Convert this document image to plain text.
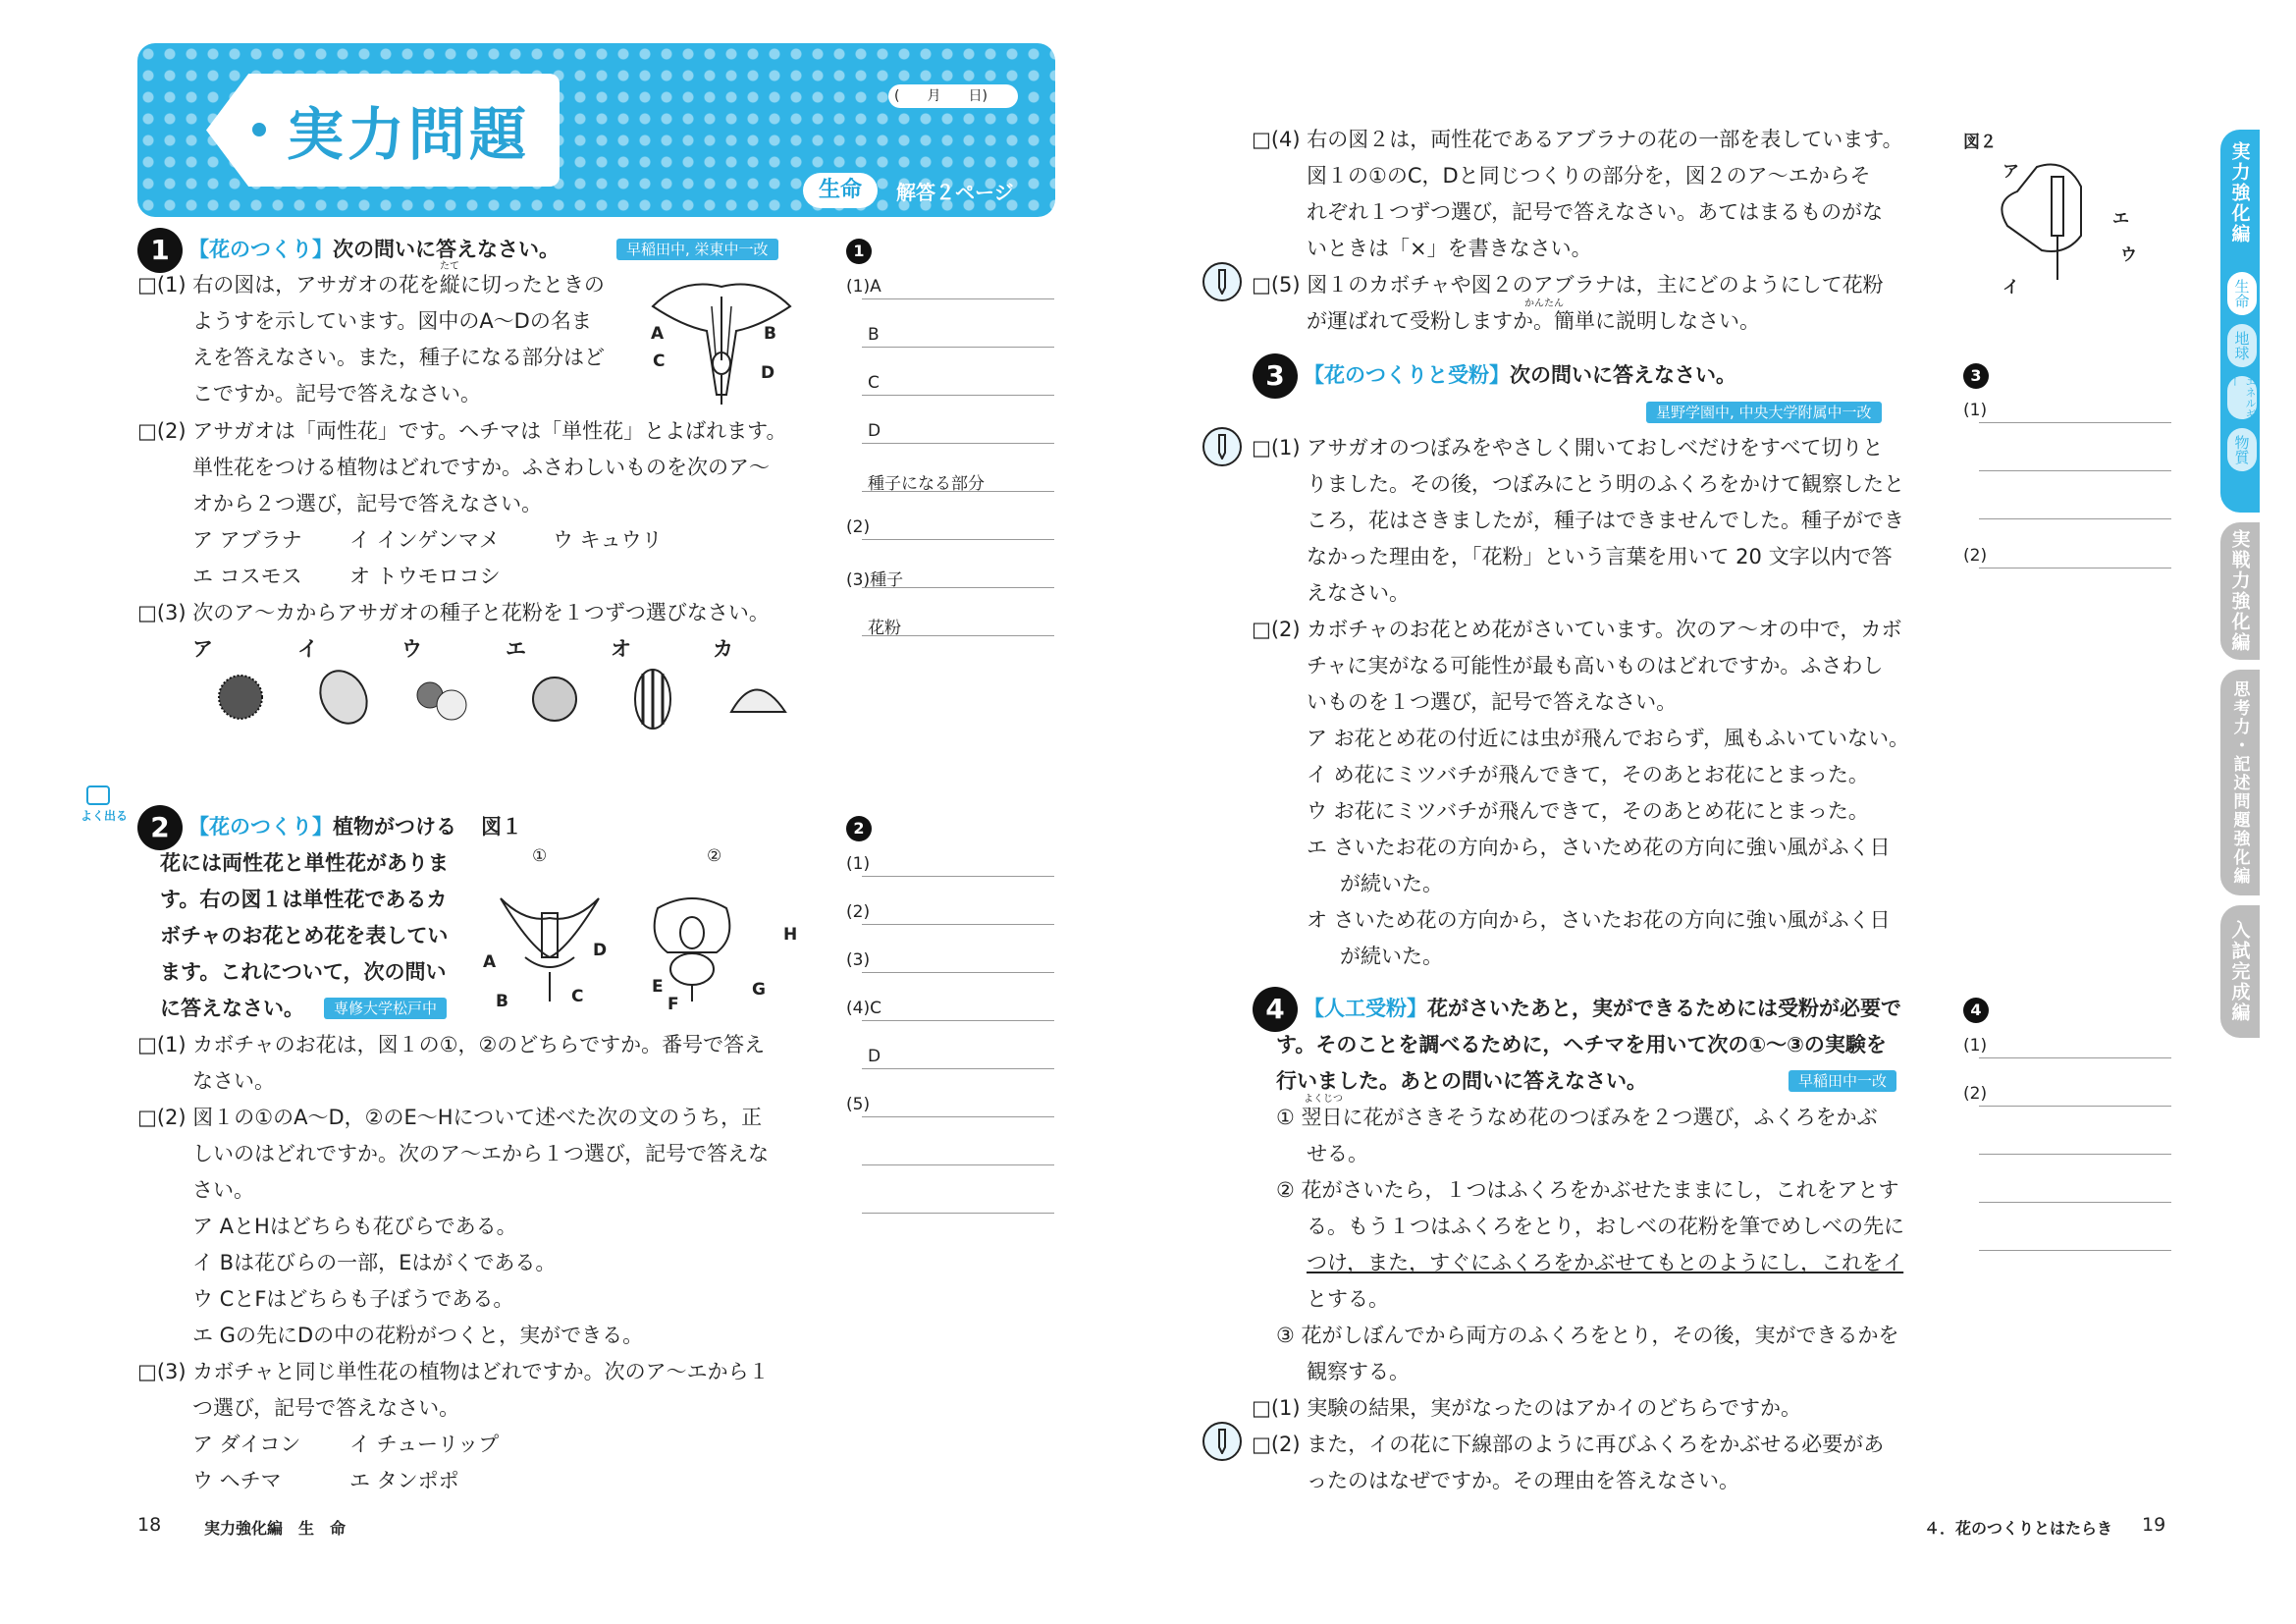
実力問題
(　　月　　日)
生命	解答２ページ
1 【花のつくり】次の問いに答えなさい。	早稲田中, 栄東中一改
たて
□(1) 右の図は，アサガオの花を縦に切ったときの
ようすを示しています。図中のA～Dの名ま
えを答えなさい。また，種子になる部分はど
こですか。記号で答えなさい。
A	B
C
D
□(2) アサガオは「両性花」です。ヘチマは「単性花」とよばれます。
単性花をつける植物はどれですか。ふさわしいものを次のア～
オから２つ選び，記号で答えなさい。
ア アブラナ イ インゲンマメ	ウ キュウリ
エ コスモス オ トウモロコシ
□(3) 次のア～カからアサガオの種子と花粉を１つずつ選びなさい。
ア	イ	ウ	エ	オ	カ
1
(1)A
B
C
D
種子になる部分
(2)
(3)種子
花粉
よく出る 2 【花のつくり】植物がつける 図１
花には両性花と単性花がありま
す。右の図１は単性花であるカ
ボチャのお花とめ花を表してい
ます。これについて，次の問い
に答えなさい。	専修大学松戸中
①	②
A
B	C
D
E
F
G
H
□(1) カボチャのお花は，図１の①，②のどちらですか。番号で答え
なさい。
□(2) 図１の①のA～D，②のE～Hについて述べた次の文のうち，正
しいのはどれですか。次のア～エから１つ選び，記号で答えな
さい。
ア AとHはどちらも花びらである。
イ Bは花びらの一部，Eはがくである。
ウ CとFはどちらも子ぼうである。
エ Gの先にDの中の花粉がつくと，実ができる。
□(3) カボチャと同じ単性花の植物はどれですか。次のア～エから１
つ選び，記号で答えなさい。
ア ダイコン イ チューリップ
ウ ヘチマ	エ タンポポ
2
(1)
(2)
(3)
(4)C
D
(5)
18	実力強化編　生　命
□(4) 右の図２は，両性花であるアブラナの花の一部を表しています。
図１の①のC，Dと同じつくりの部分を，図２のア～エからそ
れぞれ１つずつ選び，記号で答えなさい。あてはまるものがな
いときは「×」を書きなさい。
□(5) 図１のカボチャや図２のアブラナは，主にどのようにして花粉
かんたん
が運ばれて受粉しますか。簡単に説明しなさい。
図２
ア
イ
ウ
エ
3 【花のつくりと受粉】次の問いに答えなさい。
星野学園中, 中央大学附属中一改
□(1) アサガオのつぼみをやさしく開いておしべだけをすべて切りと
りました。その後，つぼみにとう明のふくろをかけて観察したと
ころ，花はさきましたが，種子はできませんでした。種子ができ
なかった理由を，「花粉」という言葉を用いて 20 文字以内で答
えなさい。
□(2) カボチャのお花とめ花がさいています。次のア～オの中で，カボ
チャに実がなる可能性が最も高いものはどれですか。ふさわし
いものを１つ選び，記号で答えなさい。
ア お花とめ花の付近には虫が飛んでおらず，風もふいていない。
イ め花にミツバチが飛んできて，そのあとお花にとまった。
ウ お花にミツバチが飛んできて，そのあとめ花にとまった。
エ さいたお花の方向から，さいため花の方向に強い風がふく日
が続いた。
オ さいため花の方向から，さいたお花の方向に強い風がふく日
が続いた。
3
(1)
(2)
4 【人工受粉】花がさいたあと，実ができるためには受粉が必要で
す。そのことを調べるために，ヘチマを用いて次の①～③の実験を
行いました。あとの問いに答えなさい。	早稲田中一改
よくじつ
① 翌日に花がさきそうなめ花のつぼみを２つ選び，ふくろをかぶ
せる。
② 花がさいたら，１つはふくろをかぶせたままにし，これをアとす
る。もう１つはふくろをとり，おしべの花粉を筆でめしべの先に
つけ，また，すぐにふくろをかぶせてもとのようにし，これをイ
とする。
③ 花がしぼんでから両方のふくろをとり，その後，実ができるかを
観察する。
□(1) 実験の結果，実がなったのはアかイのどちらですか。
□(2) また，イの花に下線部のように再びふくろをかぶせる必要があ
ったのはなぜですか。その理由を答えなさい。
4
(1)
(2)
４．花のつくりとはたらき 19
実力強化編
生命
地球
エネルギー
物質
実戦力強化編
思考力・記述問題強化編
入試完成編
